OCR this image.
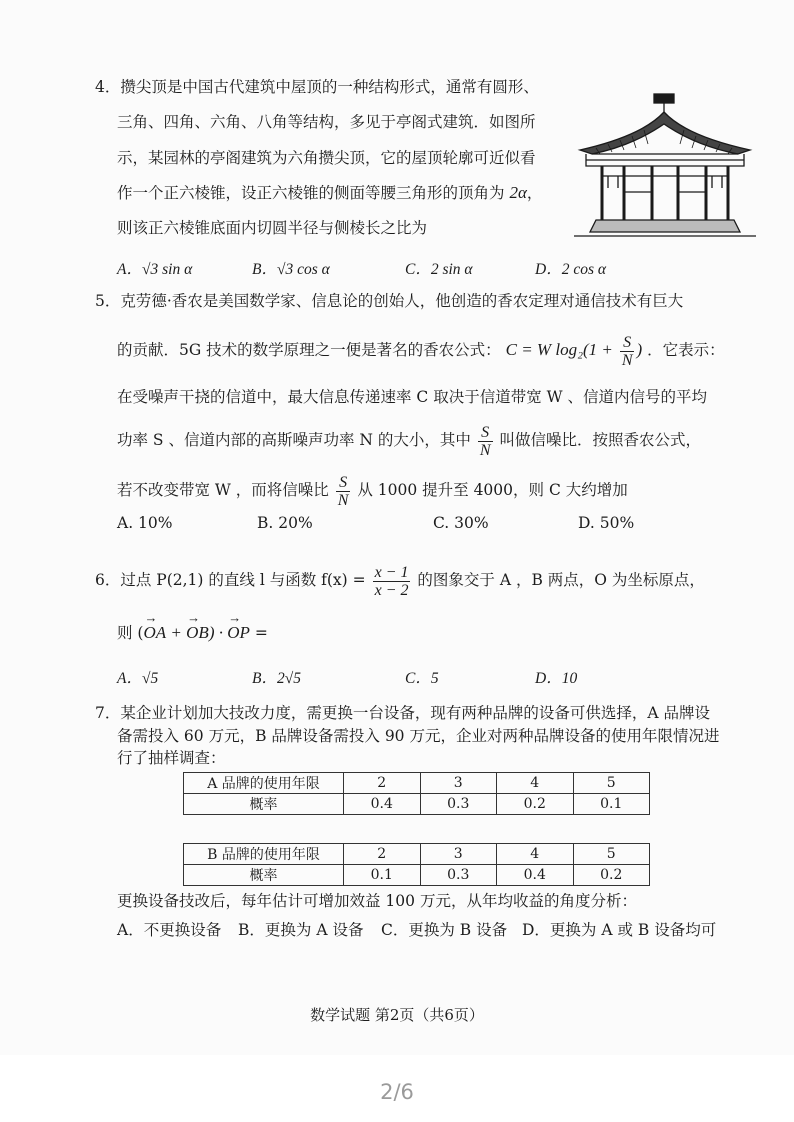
4．攒尖顶是中国古代建筑中屋顶的一种结构形式，通常有圆形、
三角、四角、六角、八角等结构，多见于亭阁式建筑．如图所
示，某园林的亭阁建筑为六角攒尖顶，它的屋顶轮廓可近似看
作一个正六棱锥，设正六棱锥的侧面等腰三角形的顶角为 2α，
则该正六棱锥底面内切圆半径与侧棱长之比为
A．√3 sin α	B．√3 cos α	C．2 sin α	D．2 cos α
5．克劳德·香农是美国数学家、信息论的创始人，他创造的香农定理对通信技术有巨大
的贡献．5G 技术的数学原理之一便是著名的香农公式： C = W $\log_2(1 + \frac{S}{N}$ ) ．它表示：
在受噪声干挠的信道中，最大信息传递速率 C 取决于信道带宽 W 、信道内信号的平均
功率 S 、信道内部的高斯噪声功率 N 的大小，其中 $\frac{S}{N}$ 叫做信噪比．按照香农公式，
若不改变带宽 W ，而将信噪比 $\frac{S}{N}$ 从 1000 提升至 4000，则 C 大约增加
A. 10%	B. 20%	C. 30%	D. 50%
6．过点 P(2,1) 的直线 l 与函数 $f(x) = \frac{x - 1}{x - 2}$ 的图象交于 A ，B 两点，O 为坐标原点，
则 (→ OA + → OB) · → OP =
A．√5	B．2√5	C．5	D．10
7．某企业计划加大技改力度，需更换一台设备，现有两种品牌的设备可供选择，A 品牌设
备需投入 60 万元，B 品牌设备需投入 90 万元，企业对两种品牌设备的使用年限情况进
行了抽样调查：
A 品牌的使用年限	2	3	4	5
概率	0.4	0.3	0.2	0.1
B 品牌的使用年限	2	3	4	5
概率	0.1	0.3	0.4	0.2
更换设备技改后，每年估计可增加效益 100 万元，从年均收益的角度分析：
A．不更换设备 B．更换为 A 设备 C．更换为 B 设备 D．更换为 A 或 B 设备均可
数学试题 第2页（共6页）
2/6
